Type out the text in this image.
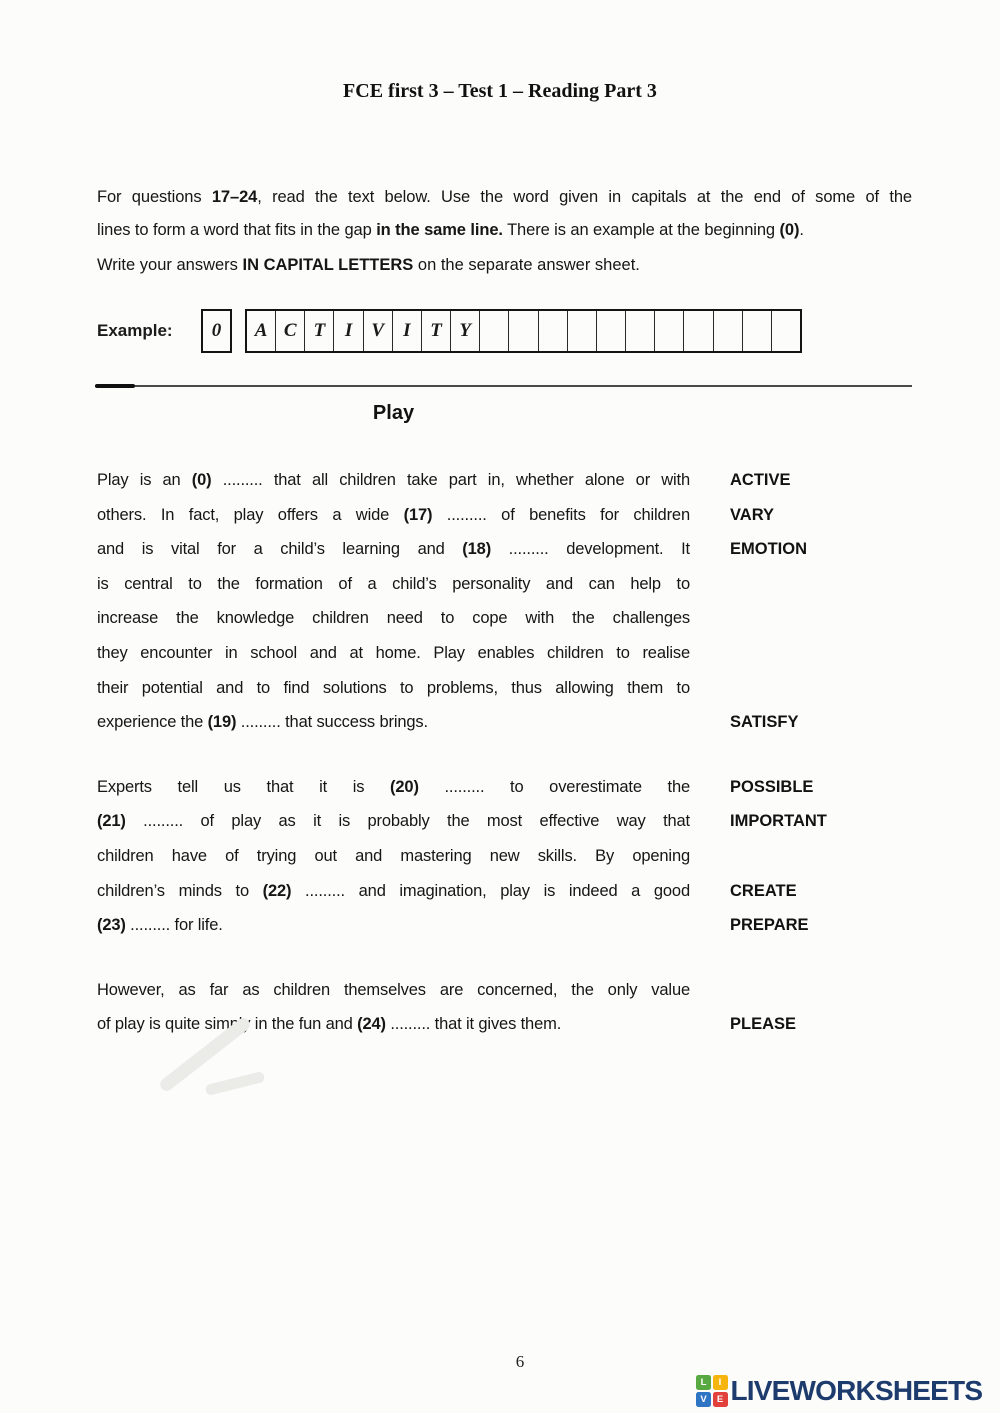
FCE first 3 – Test 1 – Reading Part 3
For questions 17–24, read the text below. Use the word given in capitals at the end of some of the
lines to form a word that fits in the gap in the same line. There is an example at the beginning (0).
Write your answers IN CAPITAL LETTERS on the separate answer sheet.
Example:	0	A C T	I	V	I	T Y
Play
Play is an (0) ......... that all children take part in, whether alone or with ACTIVE
others. In fact, play offers a wide (17) ......... of benefits for children VARY
and is vital for a child’s learning and (18) ......... development. It EMOTION
is central to the formation of a child’s personality and can help to
increase the knowledge children need to cope with the challenges
they encounter in school and at home. Play enables children to realise
their potential and to find solutions to problems, thus allowing them to
experience the (19) ......... that success brings.	SATISFY
Experts tell us that it is (20) ......... to overestimate the POSSIBLE
(21) ......... of play as it is probably the most effective way that IMPORTANT
children have of trying out and mastering new skills. By opening
children’s minds to (22) ......... and imagination, play is indeed a good CREATE
(23) ......... for life.	PREPARE
However, as far as children themselves are concerned, the only value
of play is quite simply in the fun and (24) ......... that it gives them.	PLEASE
6
L	I
V	E LIVEWORKSHEETS
